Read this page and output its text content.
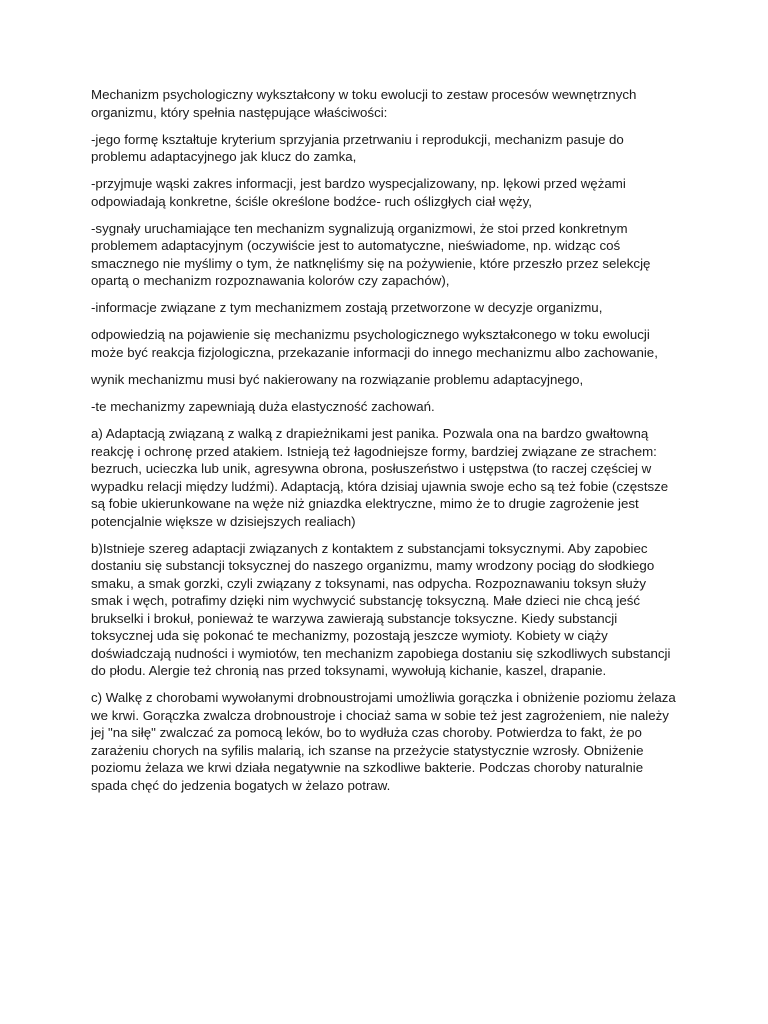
Mechanizm psychologiczny wykształcony w toku ewolucji to zestaw procesów wewnętrznych organizmu, który spełnia następujące właściwości:

-jego formę kształtuje kryterium sprzyjania przetrwaniu i reprodukcji, mechanizm pasuje do problemu adaptacyjnego jak klucz do zamka,

-przyjmuje wąski zakres informacji, jest bardzo wyspecjalizowany, np. lękowi przed wężami odpowiadają konkretne, ściśle określone bodźce- ruch oślizgłych ciał węży,

-sygnały uruchamiające ten mechanizm sygnalizują organizmowi, że stoi przed konkretnym problemem adaptacyjnym (oczywiście jest to automatyczne, nieświadome, np. widząc coś smacznego nie myślimy o tym, że natknęliśmy się na pożywienie, które przeszło przez selekcję opartą o mechanizm rozpoznawania kolorów czy zapachów),

-informacje związane z tym mechanizmem zostają przetworzone w decyzje organizmu,

odpowiedzią na pojawienie się mechanizmu psychologicznego wykształconego w toku ewolucji może być reakcja fizjologiczna, przekazanie informacji do innego mechanizmu albo zachowanie,

wynik mechanizmu musi być nakierowany na rozwiązanie problemu adaptacyjnego,

-te mechanizmy zapewniają duża elastyczność zachowań.

a) Adaptacją związaną z walką z drapieżnikami jest panika. Pozwala ona na bardzo gwałtowną reakcję i ochronę przed atakiem. Istnieją też łagodniejsze formy, bardziej związane ze strachem: bezruch, ucieczka lub unik, agresywna obrona, posłuszeństwo i ustępstwa (to raczej częściej w wypadku relacji między ludźmi). Adaptacją, która dzisiaj ujawnia swoje echo są też fobie (częstsze są fobie ukierunkowane na węże niż gniazdka elektryczne, mimo że to drugie zagrożenie jest potencjalnie większe w dzisiejszych realiach)

b)Istnieje szereg adaptacji związanych z kontaktem z substancjami toksycznymi. Aby zapobiec dostaniu się substancji toksycznej do naszego organizmu, mamy wrodzony pociąg do słodkiego smaku, a smak gorzki, czyli związany z toksynami, nas odpycha. Rozpoznawaniu toksyn służy smak i węch, potrafimy dzięki nim wychwycić substancję toksyczną. Małe dzieci nie chcą jeść brukselki i brokuł, ponieważ te warzywa zawierają substancje toksyczne. Kiedy substancji toksycznej uda się pokonać te mechanizmy, pozostają jeszcze wymioty. Kobiety w ciąży doświadczają nudności i wymiotów, ten mechanizm zapobiega dostaniu się szkodliwych substancji do płodu. Alergie też chronią nas przed toksynami, wywołują kichanie, kaszel, drapanie.

c) Walkę z chorobami wywołanymi drobnoustrojami umożliwia gorączka i obniżenie poziomu żelaza we krwi. Gorączka zwalcza drobnoustroje i chociaż sama w sobie też jest zagrożeniem, nie należy jej "na siłę" zwalczać za pomocą leków, bo to wydłuża czas choroby. Potwierdza to fakt, że po zarażeniu chorych na syfilis malarią, ich szanse na przeżycie statystycznie wzrosły. Obniżenie poziomu żelaza we krwi działa negatywnie na szkodliwe bakterie. Podczas choroby naturalnie spada chęć do jedzenia bogatych w żelazo potraw.
